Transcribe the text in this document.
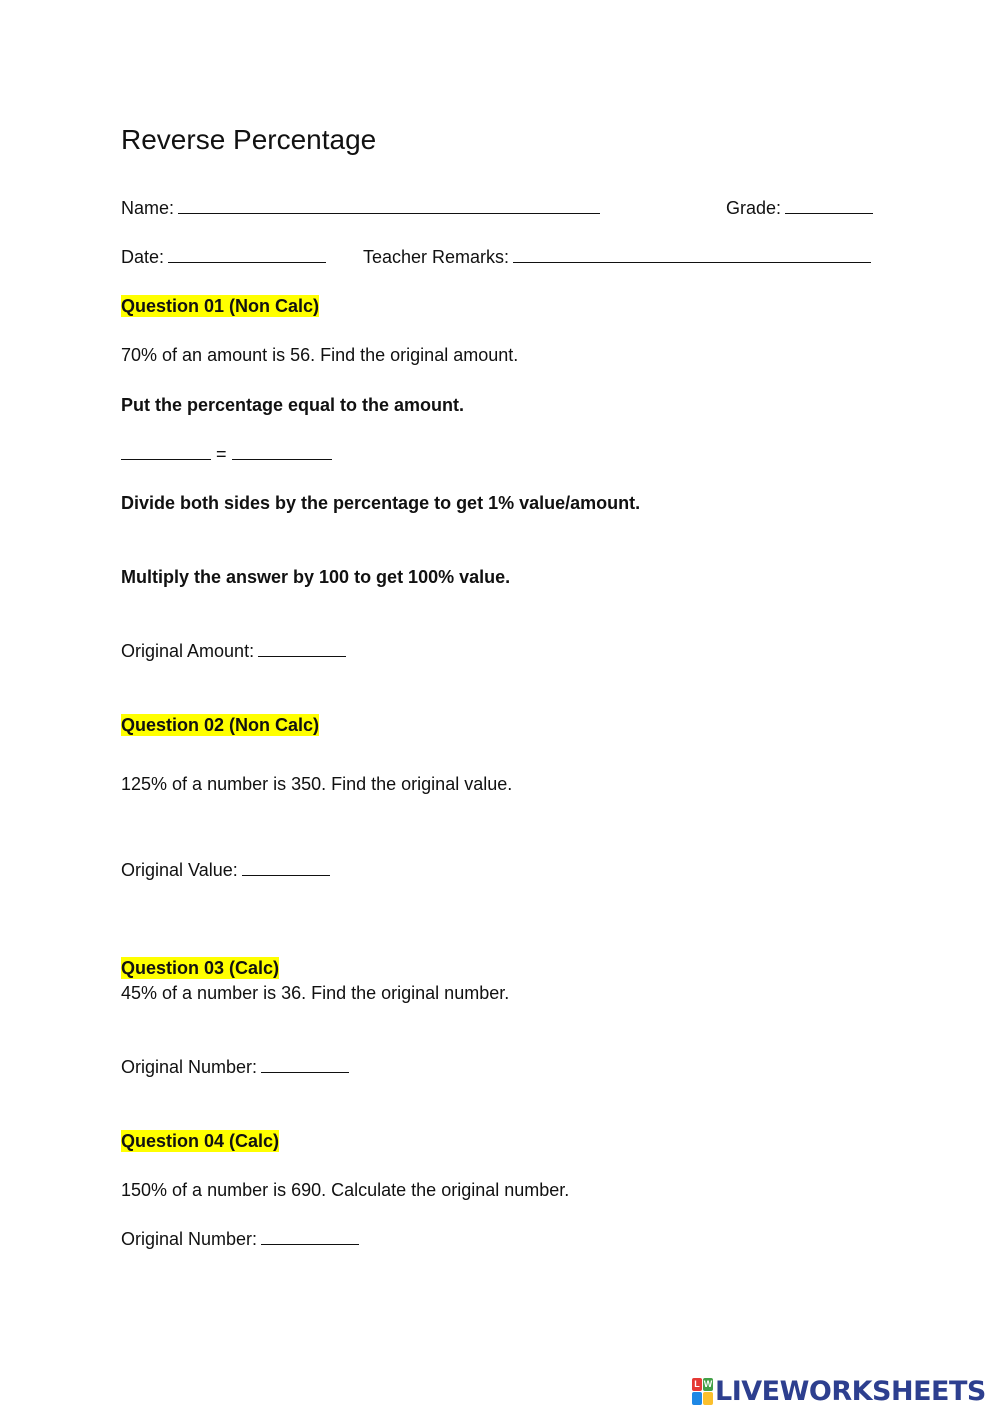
Reverse Percentage
Name:	Grade:
Date:	Teacher Remarks:
Question 01 (Non Calc)
70% of an amount is 56. Find the original amount.
Put the percentage equal to the amount.
=
Divide both sides by the percentage to get 1% value/amount.
Multiply the answer by 100 to get 100% value.
Original Amount:
Question 02 (Non Calc)
125% of a number is 350. Find the original value.
Original Value:
Question 03 (Calc)
45% of a number is 36. Find the original number.
Original Number:
Question 04 (Calc)
150% of a number is 690. Calculate the original number.
Original Number:
L W LIVEWORKSHEETS
